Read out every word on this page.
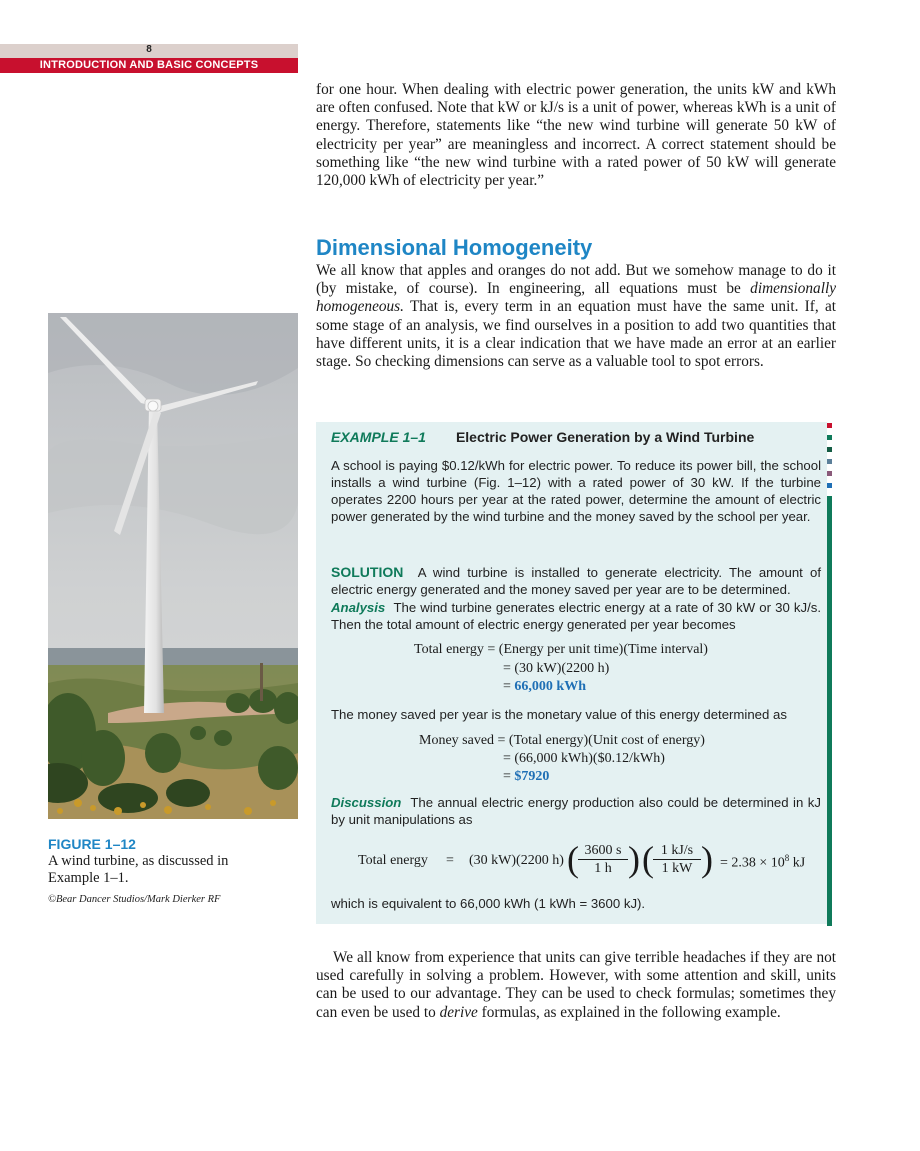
8
INTRODUCTION AND BASIC CONCEPTS

for one hour. When dealing with electric power generation, the units kW and kWh are often confused. Note that kW or kJ/s is a unit of power, whereas kWh is a unit of energy. Therefore, statements like “the new wind turbine will generate 50 kW of electricity per year” are meaningless and incorrect. A correct statement should be something like “the new wind turbine with a rated power of 50 kW will generate 120,000 kWh of electricity per year.”

Dimensional Homogeneity

We all know that apples and oranges do not add. But we somehow manage to do it (by mistake, of course). In engineering, all equations must be dimensionally homogeneous. That is, every term in an equation must have the same unit. If, at some stage of an analysis, we find ourselves in a position to add two quantities that have different units, it is a clear indication that we have made an error at an earlier stage. So checking dimensions can serve as a valuable tool to spot errors.

FIGURE 1–12
A wind turbine, as discussed in Example 1–1.
©Bear Dancer Studios/Mark Dierker RF
EXAMPLE 1–1 Electric Power Generation by a Wind Turbine
A school is paying $0.12/kWh for electric power. To reduce its power bill, the school installs a wind turbine (Fig. 1–12) with a rated power of 30 kW. If the turbine operates 2200 hours per year at the rated power, determine the amount of electric power generated by the wind turbine and the money saved by the school per year.
SOLUTION A wind turbine is installed to generate electricity. The amount of electric energy generated and the money saved per year are to be determined.
Analysis The wind turbine generates electric energy at a rate of 30 kW or 30 kJ/s. Then the total amount of electric energy generated per year becomes
Total energy = (Energy per unit time)(Time interval)
= (30 kW)(2200 h)
= 66,000 kWh
The money saved per year is the monetary value of this energy determined as
Money saved = (Total energy)(Unit cost of energy)
= (66,000 kWh)($0.12/kWh)
= $7920
Discussion The annual electric energy production also could be determined in kJ by unit manipulations as
Total energy = (30 kW)(2200 h) ( $\frac{3600 s}{1 h}$ ) ( $\frac{1 kJ/s}{1 kW}$ ) = $2.38 \times 10^8$ kJ
which is equivalent to 66,000 kWh (1 kWh = 3600 kJ).

We all know from experience that units can give terrible headaches if they are not used carefully in solving a problem. However, with some attention and skill, units can be used to our advantage. They can be used to check formulas; sometimes they can even be used to derive formulas, as explained in the following example.
